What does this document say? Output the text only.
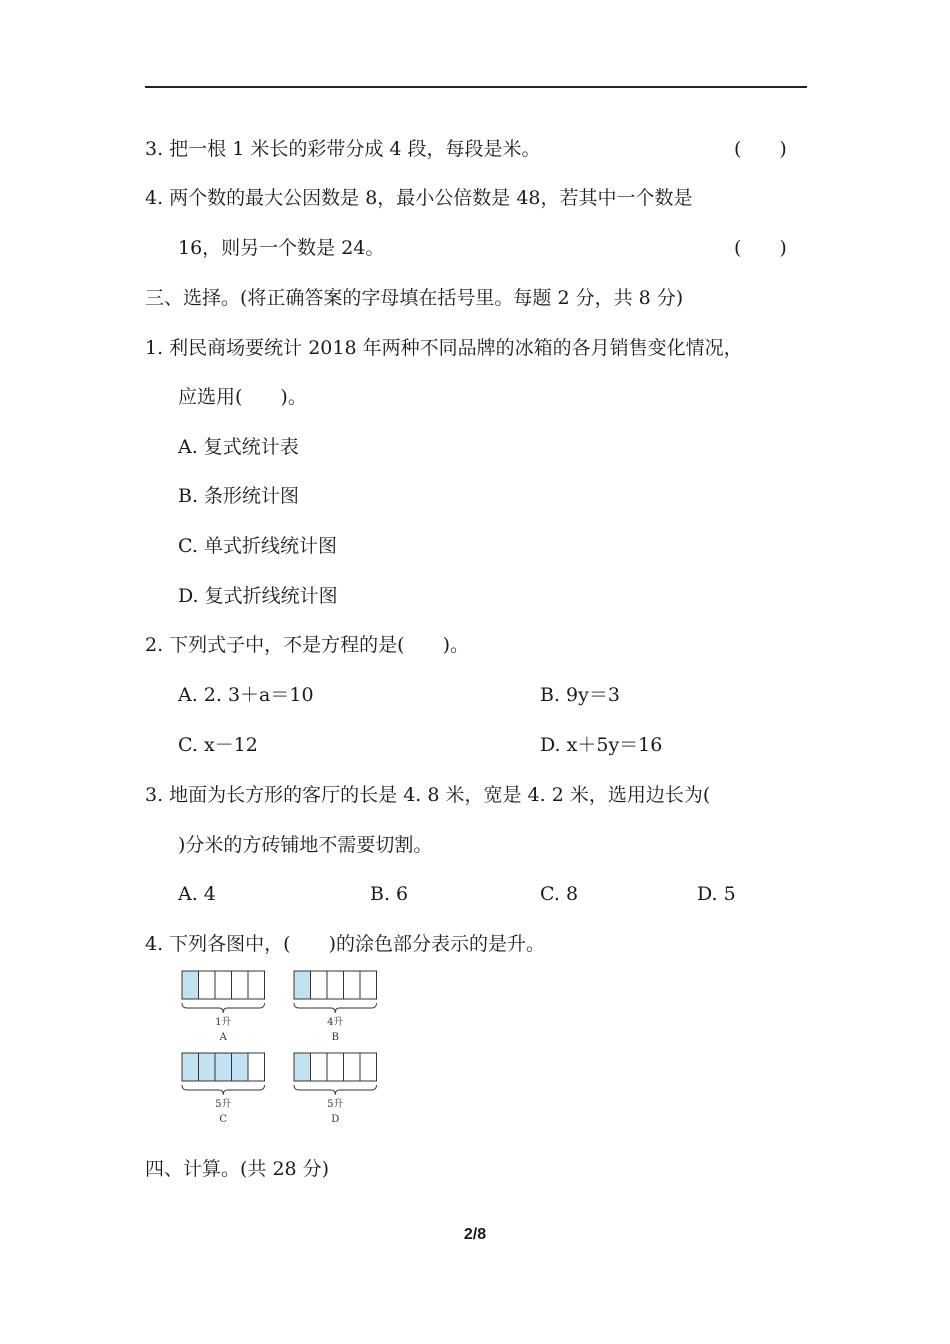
3. 把一根 1 米长的彩带分成 4 段，每段是米。	(　　)
4. 两个数的最大公因数是 8，最小公倍数是 48，若其中一个数是
16，则另一个数是 24。	(　　)
三、选择。(将正确答案的字母填在括号里。每题 2 分，共 8 分)
1. 利民商场要统计 2018 年两种不同品牌的冰箱的各月销售变化情况，
应选用(　　)。
A. 复式统计表
B. 条形统计图
C. 单式折线统计图
D. 复式折线统计图
2. 下列式子中，不是方程的是(　　)。
A. 2. 3＋a＝10	B. 9y＝3
C. x－12	D. x＋5y＝16
3. 地面为长方形的客厅的长是 4. 8 米，宽是 4. 2 米，选用边长为(
)分米的方砖铺地不需要切割。
A. 4	B. 6	C. 8	D. 5
4. 下列各图中，(　　)的涂色部分表示的是升。
1升
A
4升
B
5升
C
5升
D
四、计算。(共 28 分)
2/8
